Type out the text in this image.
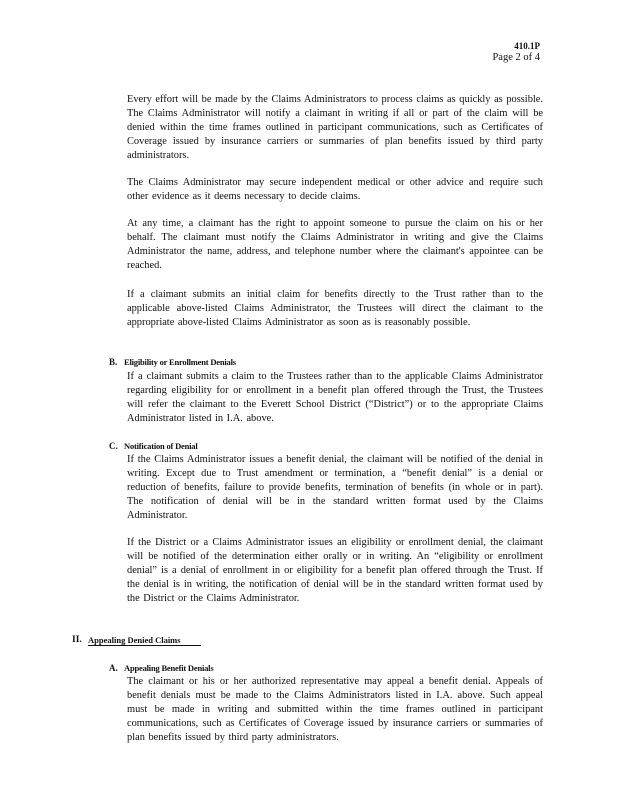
410.1P
Page 2 of 4
Every effort will be made by the Claims Administrators to process claims as quickly as possible. The Claims Administrator will notify a claimant in writing if all or part of the claim will be denied within the time frames outlined in participant communications, such as Certificates of Coverage issued by insurance carriers or summaries of plan benefits issued by third party administrators.
The Claims Administrator may secure independent medical or other advice and require such other evidence as it deems necessary to decide claims.
At any time, a claimant has the right to appoint someone to pursue the claim on his or her behalf. The claimant must notify the Claims Administrator in writing and give the Claims Administrator the name, address, and telephone number where the claimant's appointee can be reached.
If a claimant submits an initial claim for benefits directly to the Trust rather than to the applicable above-listed Claims Administrator, the Trustees will direct the claimant to the appropriate above-listed Claims Administrator as soon as is reasonably possible.
B. Eligibility or Enrollment Denials
If a claimant submits a claim to the Trustees rather than to the applicable Claims Administrator regarding eligibility for or enrollment in a benefit plan offered through the Trust, the Trustees will refer the claimant to the Everett School District (“District”) or to the appropriate Claims Administrator listed in I.A. above.
C. Notification of Denial
If the Claims Administrator issues a benefit denial, the claimant will be notified of the denial in writing. Except due to Trust amendment or termination, a “benefit denial” is a denial or reduction of benefits, failure to provide benefits, termination of benefits (in whole or in part). The notification of denial will be in the standard written format used by the Claims Administrator.
If the District or a Claims Administrator issues an eligibility or enrollment denial, the claimant will be notified of the determination either orally or in writing. An “eligibility or enrollment denial” is a denial of enrollment in or eligibility for a benefit plan offered through the Trust. If the denial is in writing, the notification of denial will be in the standard written format used by the District or the Claims Administrator.
II. Appealing Denied Claims
A. Appealing Benefit Denials
The claimant or his or her authorized representative may appeal a benefit denial. Appeals of benefit denials must be made to the Claims Administrators listed in I.A. above. Such appeal must be made in writing and submitted within the time frames outlined in participant communications, such as Certificates of Coverage issued by insurance carriers or summaries of plan benefits issued by third party administrators.
